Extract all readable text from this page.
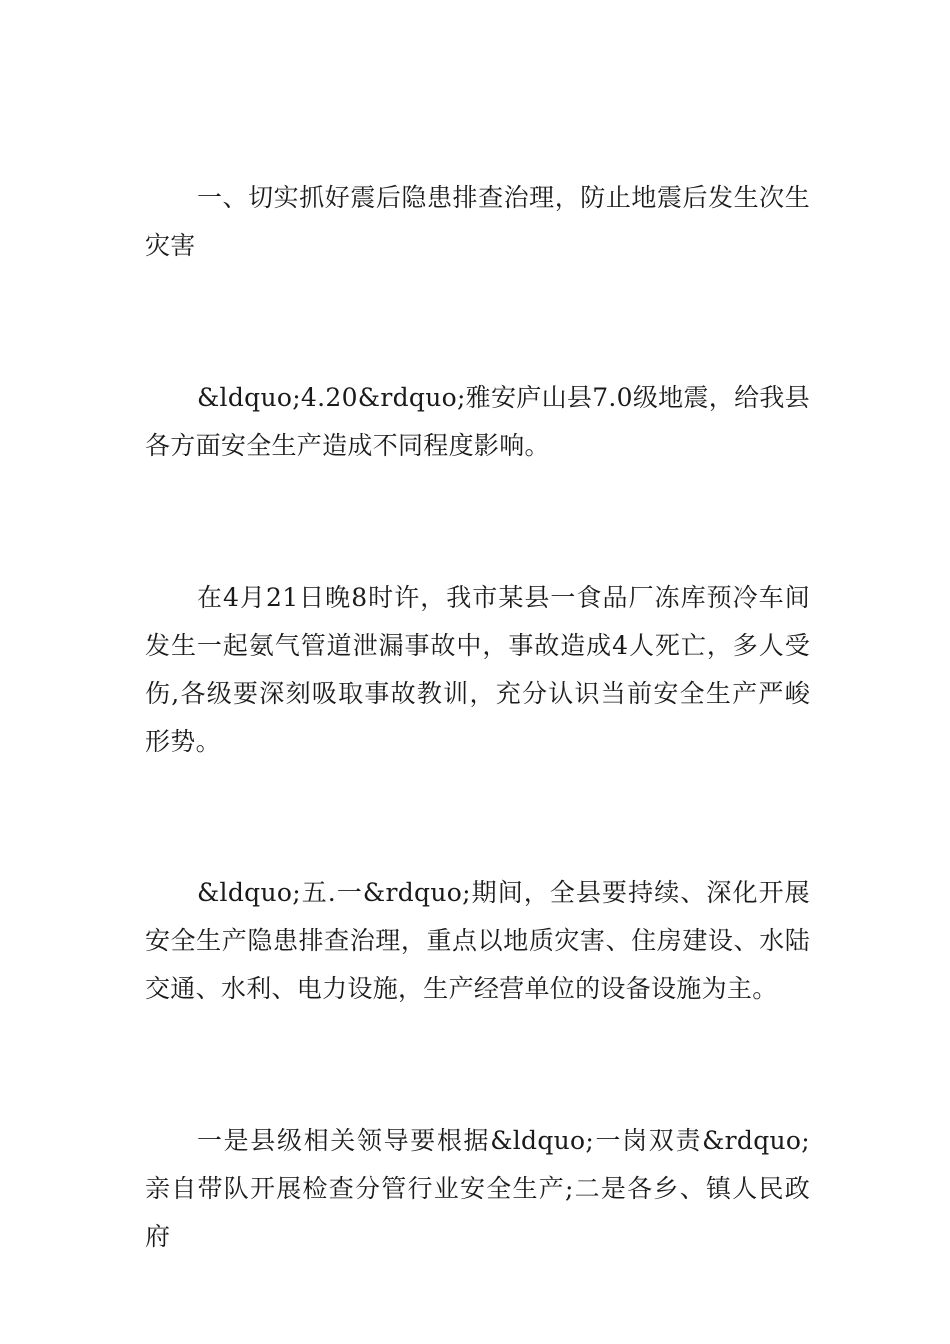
一、切实抓好震后隐患排查治理，防止地震后发生次生灾害

&ldquo;4.20&rdquo;雅安庐山县7.0级地震，给我县各方面安全生产造成不同程度影响。

在4月21日晚8时许，我市某县一食品厂冻库预冷车间发生一起氨气管道泄漏事故中，事故造成4人死亡，多人受伤,各级要深刻吸取事故教训，充分认识当前安全生产严峻形势。

&ldquo;五.一&rdquo;期间，全县要持续、深化开展安全生产隐患排查治理，重点以地质灾害、住房建设、水陆交通、水利、电力设施，生产经营单位的设备设施为主。

一是县级相关领导要根据&ldquo;一岗双责&rdquo;亲自带队开展检查分管行业安全生产;二是各乡、镇人民政府
